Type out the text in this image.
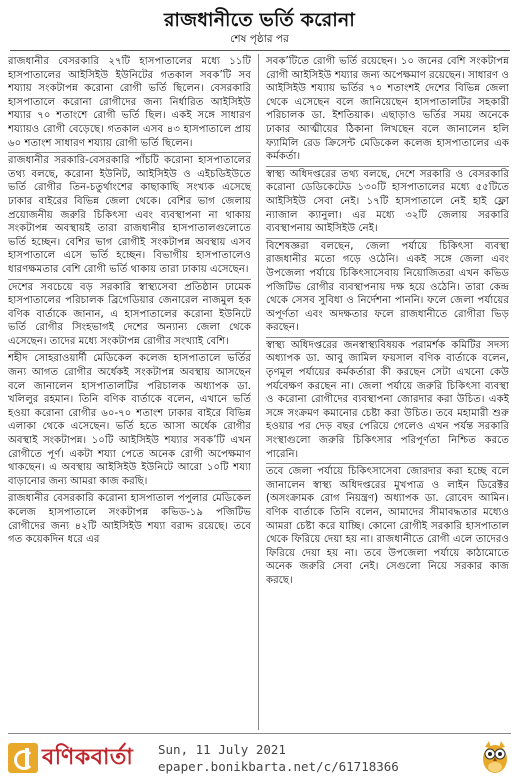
রাজধানীতে ভর্তি করোনা
শেষ পৃষ্ঠার পর

রাজধানীর বেসরকারি ২৭টি হাসপাতালের মধ্যে ১১টি হাসপাতালের আইসিইউ ইউনিটের গতকাল সবক’টি সব শয্যায় সংকটাপন্ন করোনা রোগী ভর্তি ছিলেন। বেসরকারি হাসপাতালে করোনা রোগীদের জন্য নির্ধারিত আইসিইউ শয্যার ৭০ শতাংশে রোগী ভর্তি ছিল। একই সঙ্গে সাধারণ শয্যায়ও রোগী বেড়েছে। গতকাল এসব ৪৩ হাসপাতালে প্রায় ৬০ শতাংশ সাধারণ শয্যায় রোগী ভর্তি ছিলেন।

রাজধানীর সরকারি-বেসরকারি পাঁচটি করোনা হাসপাতালের তথ্য বলছে, করোনা ইউনিট, আইসিইউ ও এইচডিইউতে ভর্তি রোগীর তিন-চতুর্থাংশের কাছাকাছি সংখ্যক এসেছে ঢাকার বাইরের বিভিন্ন জেলা থেকে। বেশির ভাগ জেলায় প্রয়োজনীয় জরুরি চিকিৎসা এবং ব্যবস্থাপনা না থাকায় সংকটাপন্ন অবস্থায়ই তারা রাজধানীর হাসপাতালগুলোতে ভর্তি হচ্ছেন। বেশির ভাগ রোগীই সংকটাপন্ন অবস্থায় এসব হাসপাতালে এসে ভর্তি হচ্ছেন। বিভাগীয় হাসপাতালেও ধারণক্ষমতার বেশি রোগী ভর্তি থাকায় তারা ঢাকায় এসেছেন।

দেশের সবচেয়ে বড় সরকারি স্বাস্থ্যসেবা প্রতিষ্ঠান ঢামেক হাসপাতালের পরিচালক ব্রিগেডিয়ার জেনারেল নাজমুল হক বণিক বার্তাকে জানান, এ হাসপাতালের করোনা ইউনিটে ভর্তি রোগীর সিংহভাগই দেশের অন্যান্য জেলা থেকে এসেছেন। তাদের মধ্যে সংকটাপন্ন রোগীর সংখ্যাই বেশি।

শহীদ সোহরাওয়ার্দী মেডিকেল কলেজ হাসপাতালে ভর্তির জন্য আগত রোগীর অর্ধেকই সংকটাপন্ন অবস্থায় আসছেন বলে জানালেন হাসপাতালটির পরিচালক অধ্যাপক ডা. খলিলুর রহমান। তিনি বণিক বার্তাকে বলেন, এখানে ভর্তি হওয়া করোনা রোগীর ৬০-৭০ শতাংশ ঢাকার বাইরে বিভিন্ন এলাকা থেকে এসেছেন। ভর্তি হতে আসা অর্ধেক রোগীর অবস্থাই সংকটাপন্ন। ১০টি আইসিইউ শয্যার সবক’টি এখন রোগীতে পূর্ণ। একটা শয্যা পেতে অনেক রোগী অপেক্ষমাণ থাকছেন। এ অবস্থায় আইসিইউ ইউনিটে আরো ১০টি শয্যা বাড়ানোর জন্য আমরা কাজ করছি।

রাজধানীর বেসরকারি করোনা হাসপাতাল পপুলার মেডিকেল কলেজ হাসপাতালে সংকটাপন্ন কভিড-১৯ পজিটিভ রোগীদের জন্য ৪২টি আইসিইউ শয্যা বরাদ্দ রয়েছে। তবে গত কয়েকদিন ধরে এর

সবক’টিতে রোগী ভর্তি রয়েছেন। ১০ জনের বেশি সংকটাপন্ন রোগী আইসিইউ শয্যার জন্য অপেক্ষমাণ রয়েছেন। সাধারণ ও আইসিইউ শয্যায় ভর্তির ৭০ শতাংশই দেশের বিভিন্ন জেলা থেকে এসেছেন বলে জানিয়েছেন হাসপাতালটির সহকারী পরিচালক ডা. ইশতিয়াক। এছাড়াও ভর্তির সময় অনেকে ঢাকার আত্মীয়ের ঠিকানা লিখছেন বলে জানালেন হলি ফ্যামিলি রেড ক্রিসেন্ট মেডিকেল কলেজ হাসপাতালের এক কর্মকর্তা।

স্বাস্থ্য অধিদপ্তরের তথ্য বলছে, দেশে সরকারি ও বেসরকারি করোনা ডেডিকেটেড ১৩০টি হাসপাতালের মধ্যে ৫৫টিতে আইসিইউ সেবা নেই। ১৭টি হাসপাতালে নেই হাই ফ্লো ন্যাজাল ক্যানুলা। এর মধ্যে ৩২টি জেলায় সরকারি ব্যবস্থাপনায় আইসিইউ নেই।

বিশেষজ্ঞরা বলছেন, জেলা পর্যায়ে চিকিৎসা ব্যবস্থা রাজধানীর মতো গড়ে ওঠেনি। একই সঙ্গে জেলা এবং উপজেলা পর্যায়ে চিকিৎসাসেবায় নিয়োজিতরা এখন কভিড পজিটিভ রোগীর ব্যবস্থাপনায় দক্ষ হয়ে ওঠেনি। তারা কেন্দ্র থেকে সেসব সুবিধা ও নির্দেশনা পাননি। ফলে জেলা পর্যায়ের অপূর্ণতা এবং অদক্ষতার ফলে রাজধানীতে রোগীরা ভিড় করছেন।

স্বাস্থ্য অধিদপ্তরের জনস্বাস্থ্যবিষয়ক পরামর্শক কমিটির সদস্য অধ্যাপক ডা. আবু জামিল ফয়সাল বণিক বার্তাকে বলেন, তৃণমূল পর্যায়ের কর্মকর্তারা কী করছেন সেটা এখনো কেউ পর্যবেক্ষণ করছেন না। জেলা পর্যায়ে জরুরি চিকিৎসা ব্যবস্থা ও করোনা রোগীদের ব্যবস্থাপনা জোরদার করা উচিত। একই সঙ্গে সংক্রমণ কমানোর চেষ্টা করা উচিত। তবে মহামারী শুরু হওয়ার পর দেড় বছর পেরিয়ে গেলেও এখন পর্যন্ত সরকারি সংস্থাগুলো জরুরি চিকিৎসার পরিপূর্ণতা নিশ্চিত করতে পারেনি।

তবে জেলা পর্যায়ে চিকিৎসাসেবা জোরদার করা হচ্ছে বলে জানালেন স্বাস্থ্য অধিদপ্তরের মুখপাত্র ও লাইন ডিরেক্টর (অসংক্রামক রোগ নিয়ন্ত্রণ) অধ্যাপক ডা. রোবেদ আমিন। বণিক বার্তাকে তিনি বলেন, আমাদের সীমাবদ্ধতার মধ্যেও আমরা চেষ্টা করে যাচ্ছি। কোনো রোগীই সরকারি হাসপাতাল থেকে ফিরিয়ে দেয়া হয় না। রাজধানীতে রোগী এলে তাদেরও ফিরিয়ে দেয়া হয় না। তবে উপজেলা পর্যায়ে কাঠামোতে অনেক জরুরি সেবা নেই। সেগুলো নিয়ে সরকার কাজ করছে।

বণিকবার্তা Sun, 11 July 2021
epaper.bonikbarta.net/c/61718366
